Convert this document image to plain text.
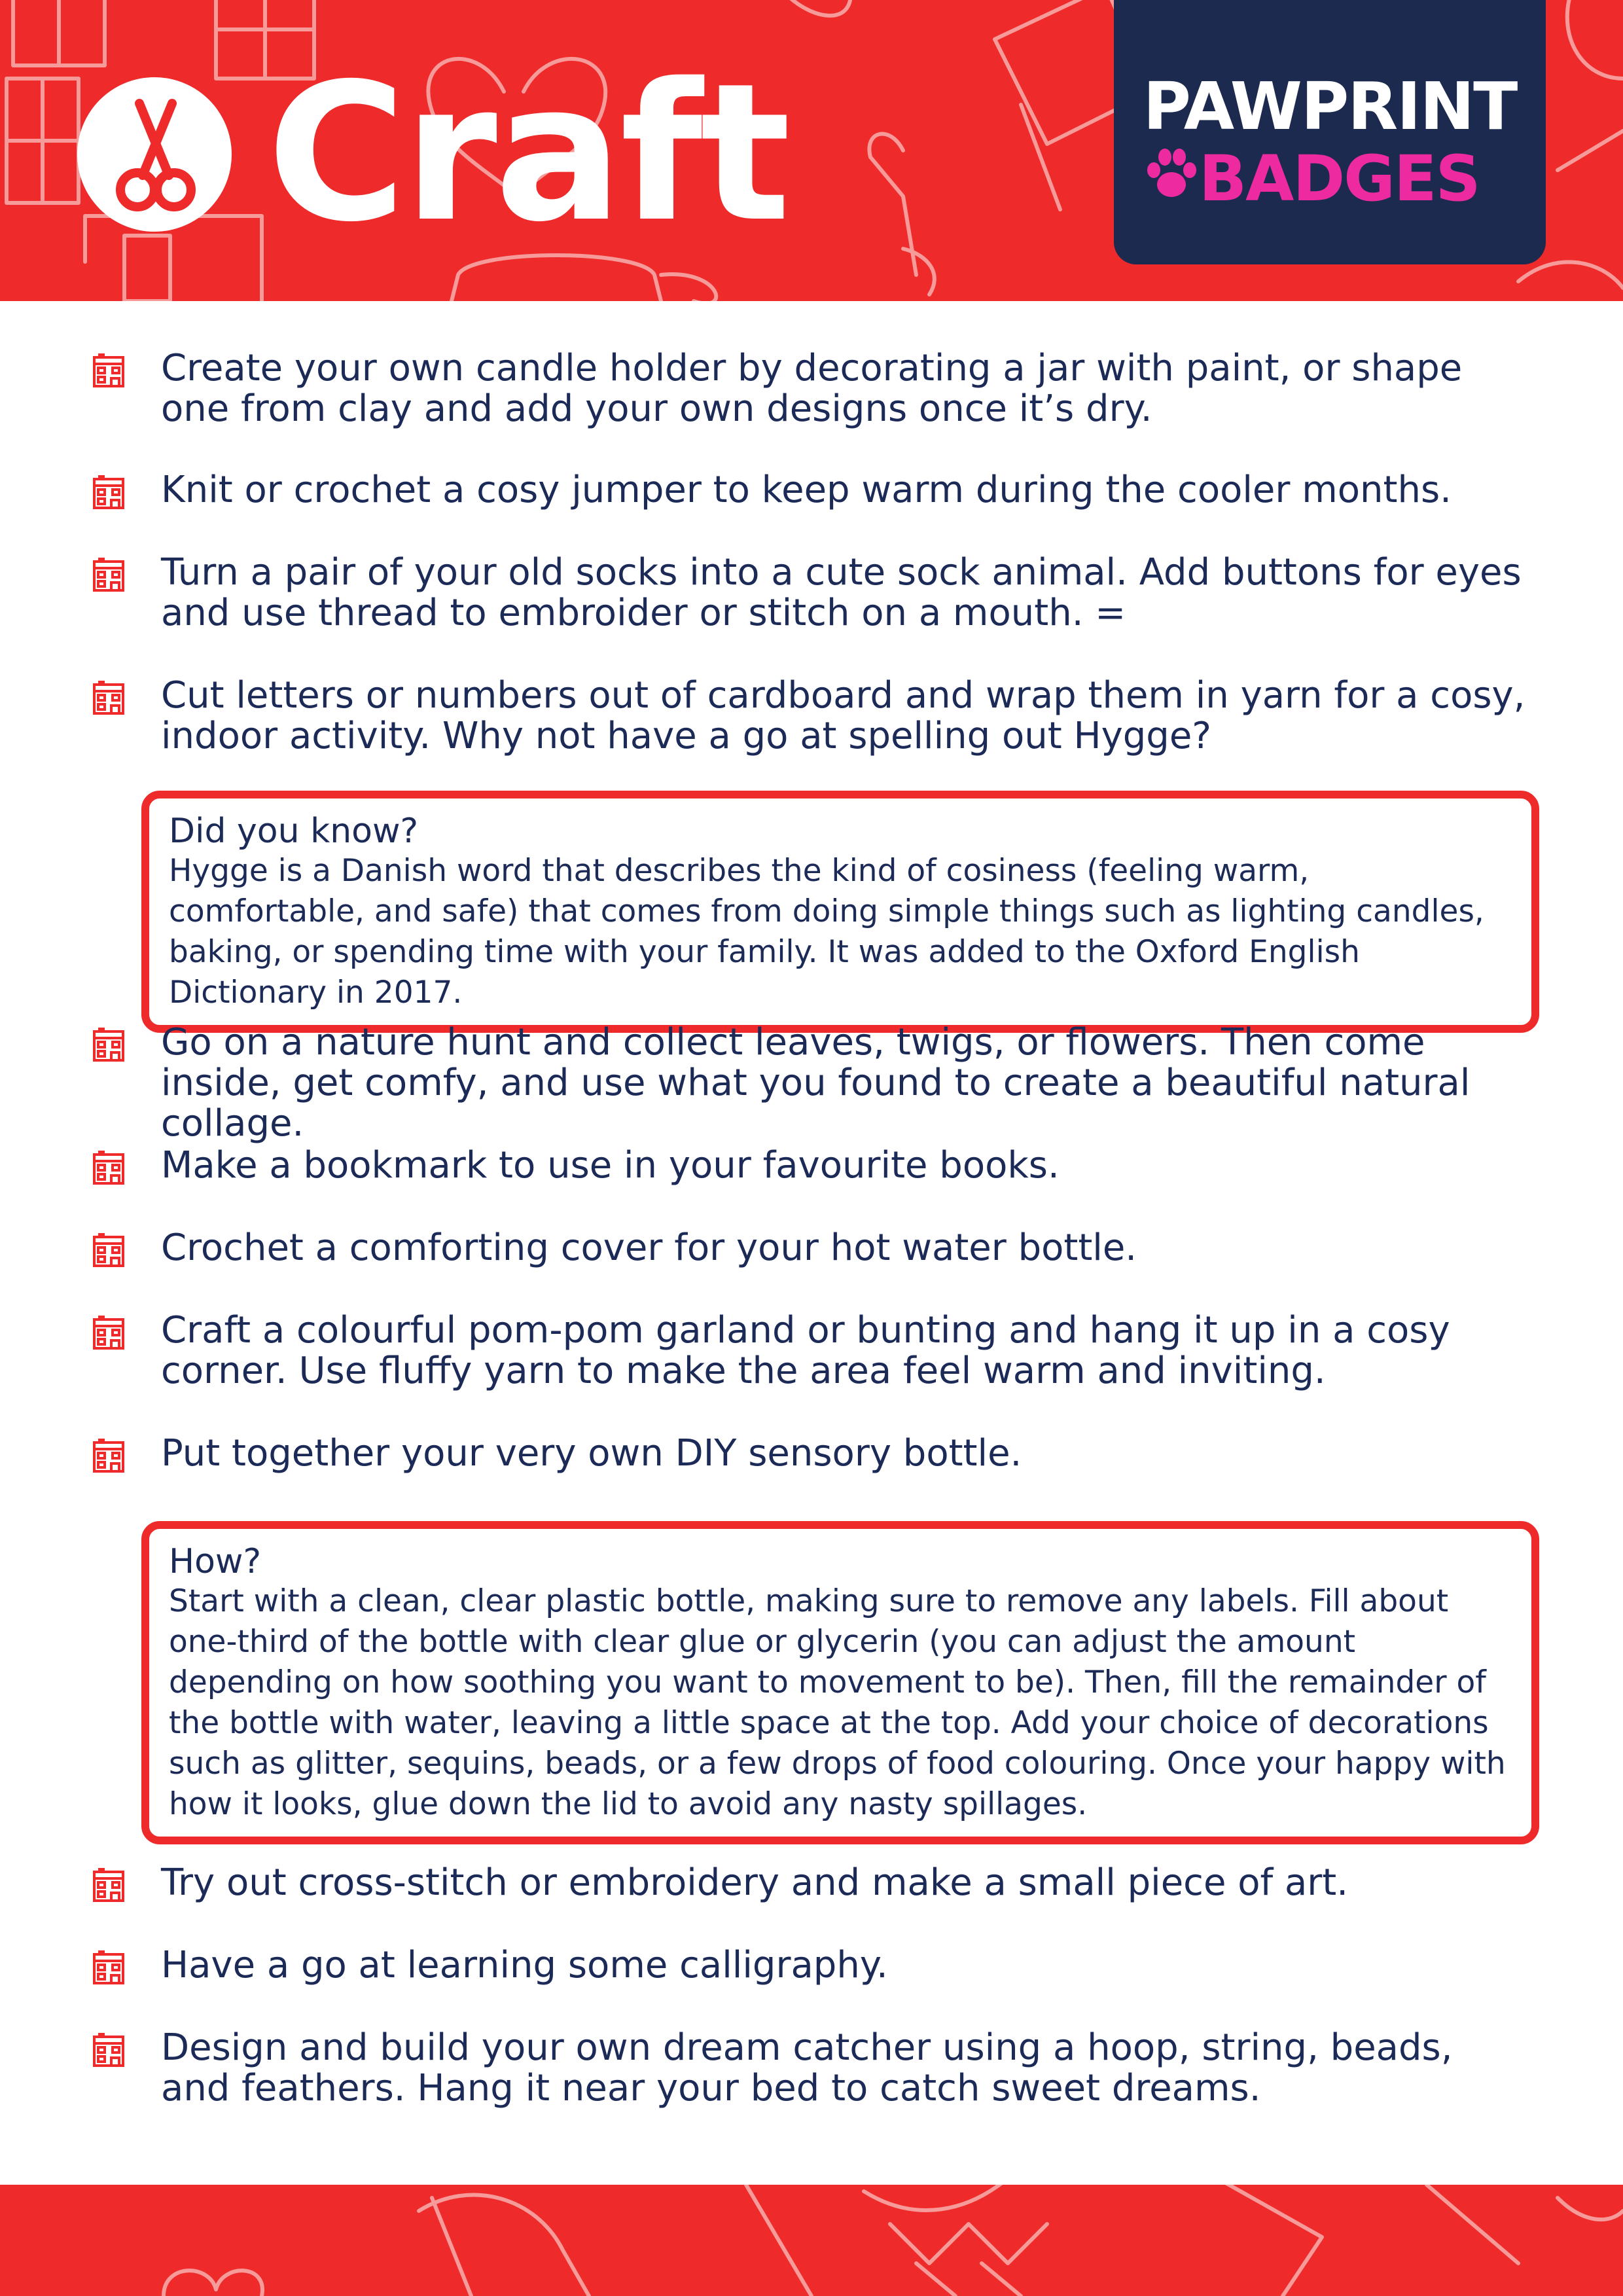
Craft	PAWPRINT
BADGES

Create your own candle holder by decorating a jar with paint, or shape one from clay and add your own designs once it’s dry.

Knit or crochet a cosy jumper to keep warm during the cooler months.

Turn a pair of your old socks into a cute sock animal. Add buttons for eyes and use thread to embroider or stitch on a mouth. =

Cut letters or numbers out of cardboard and wrap them in yarn for a cosy, indoor activity. Why not have a go at spelling out Hygge?

Did you know?

Hygge is a Danish word that describes the kind of cosiness (feeling warm, comfortable, and safe) that comes from doing simple things such as lighting candles, baking, or spending time with your family. It was added to the Oxford English Dictionary in 2017.

Go on a nature hunt and collect leaves, twigs, or flowers. Then come inside, get comfy, and use what you found to create a beautiful natural collage.

Make a bookmark to use in your favourite books.

Crochet a comforting cover for your hot water bottle.

Craft a colourful pom-pom garland or bunting and hang it up in a cosy corner. Use fluffy yarn to make the area feel warm and inviting.

Put together your very own DIY sensory bottle.

How?

Start with a clean, clear plastic bottle, making sure to remove any labels. Fill about one-third of the bottle with clear glue or glycerin (you can adjust the amount depending on how soothing you want to movement to be). Then, fill the remainder of the bottle with water, leaving a little space at the top. Add your choice of decorations such as glitter, sequins, beads, or a few drops of food colouring. Once your happy with how it looks, glue down the lid to avoid any nasty spillages.

Try out cross-stitch or embroidery and make a small piece of art.

Have a go at learning some calligraphy.

Design and build your own dream catcher using a hoop, string, beads, and feathers. Hang it near your bed to catch sweet dreams.
